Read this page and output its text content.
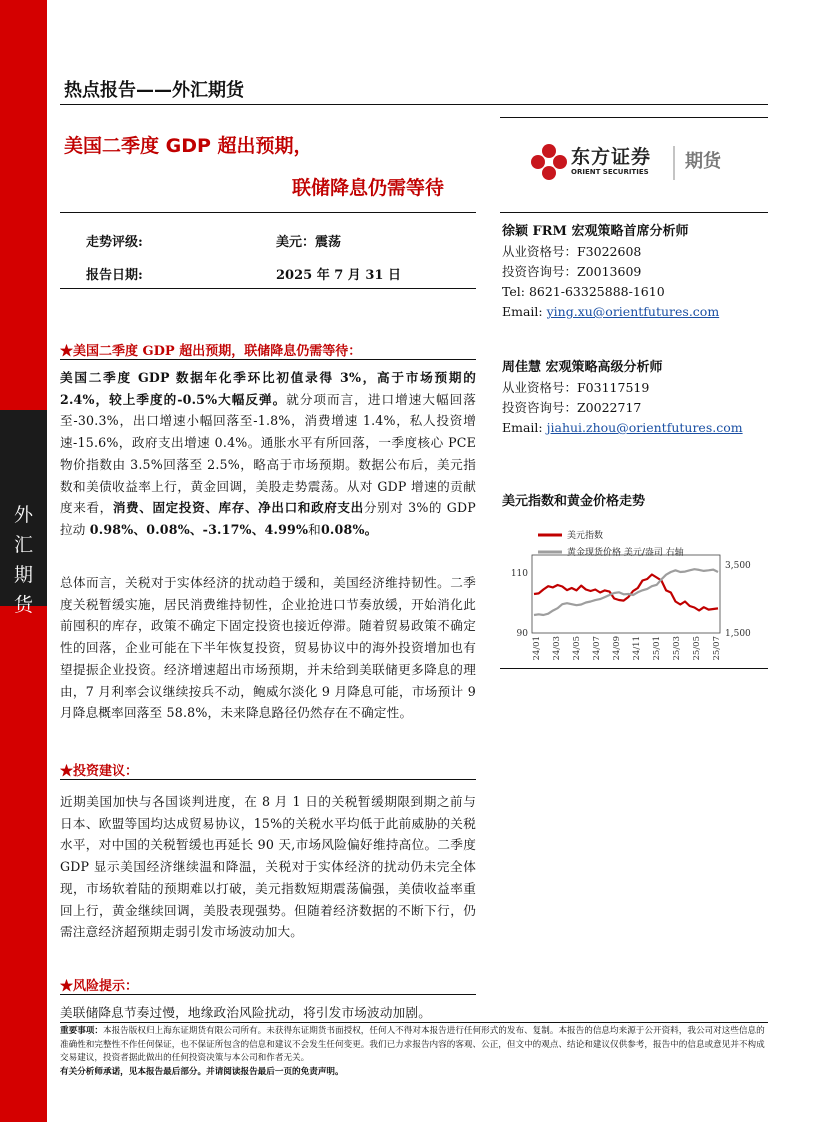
外
汇
期
货
热点报告——外汇期货
美国二季度 GDP 超出预期，
联储降息仍需等待
走势评级:	美元：震荡
报告日期:	2025 年 7 月 31 日
东方证券
ORIENT SECURITIES 期货
徐颖 FRM 宏观策略首席分析师
从业资格号：F3022608
投资咨询号：Z0013609
Tel: 8621-63325888-1610
Email: ying.xu@orientfutures.com
周佳慧 宏观策略高级分析师
从业资格号：F03117519
投资咨询号：Z0022717
Email: jiahui.zhou@orientfutures.com
美元指数和黄金价格走势
110
90
3,500
1,500
24/01 24/03 24/05 24/07 24/09 24/11 25/01 25/03 25/05 25/07
美元指数
黄金现货价格 美元/盎司 右轴
★美国二季度 GDP 超出预期，联储降息仍需等待：
美国二季度 GDP 数据年化季环比初值录得 3%，高于市场预期的 2.4%，较上季度的-0.5%大幅反弹。就分项而言，进口增速大幅回落至-30.3%，出口增速小幅回落至-1.8%，消费增速 1.4%，私人投资增速-15.6%，政府支出增速 0.4%。通胀水平有所回落，一季度核心 PCE 物价指数由 3.5%回落至 2.5%，略高于市场预期。数据公布后，美元指数和美债收益率上行，黄金回调，美股走势震荡。从对 GDP 增速的贡献度来看，消费、固定投资、库存、净出口和政府支出分别对 3%的 GDP 拉动 0.98%、0.08%、-3.17%、4.99%和0.08%。
总体而言，关税对于实体经济的扰动趋于缓和，美国经济维持韧性。二季度关税暂缓实施，居民消费维持韧性，企业抢进口节奏放缓，开始消化此前囤积的库存，政策不确定下固定投资也接近停滞。随着贸易政策不确定性的回落，企业可能在下半年恢复投资，贸易协议中的海外投资增加也有望提振企业投资。经济增速超出市场预期，并未给到美联储更多降息的理由，7 月利率会议继续按兵不动，鲍威尔淡化 9 月降息可能，市场预计 9 月降息概率回落至 58.8%，未来降息路径仍然存在不确定性。
★投资建议：
近期美国加快与各国谈判进度，在 8 月 1 日的关税暂缓期限到期之前与日本、欧盟等国均达成贸易协议，15%的关税水平均低于此前威胁的关税水平，对中国的关税暂缓也再延长 90 天,市场风险偏好维持高位。二季度 GDP 显示美国经济继续温和降温，关税对于实体经济的扰动仍未完全体现，市场软着陆的预期难以打破，美元指数短期震荡偏强，美债收益率重回上行，黄金继续回调，美股表现强势。但随着经济数据的不断下行，仍需注意经济超预期走弱引发市场波动加大。
★风险提示：
美联储降息节奏过慢，地缘政治风险扰动，将引发市场波动加剧。
重要事项：本报告版权归上海东证期货有限公司所有。未获得东证期货书面授权，任何人不得对本报告进行任何形式的发布、复制。本报告的信息均来源于公开资料，我公司对这些信息的准确性和完整性不作任何保证，也不保证所包含的信息和建议不会发生任何变更。我们已力求报告内容的客观、公正，但文中的观点、结论和建议仅供参考，报告中的信息或意见并不构成交易建议，投资者据此做出的任何投资决策与本公司和作者无关。
有关分析师承诺，见本报告最后部分。并请阅读报告最后一页的免责声明。
